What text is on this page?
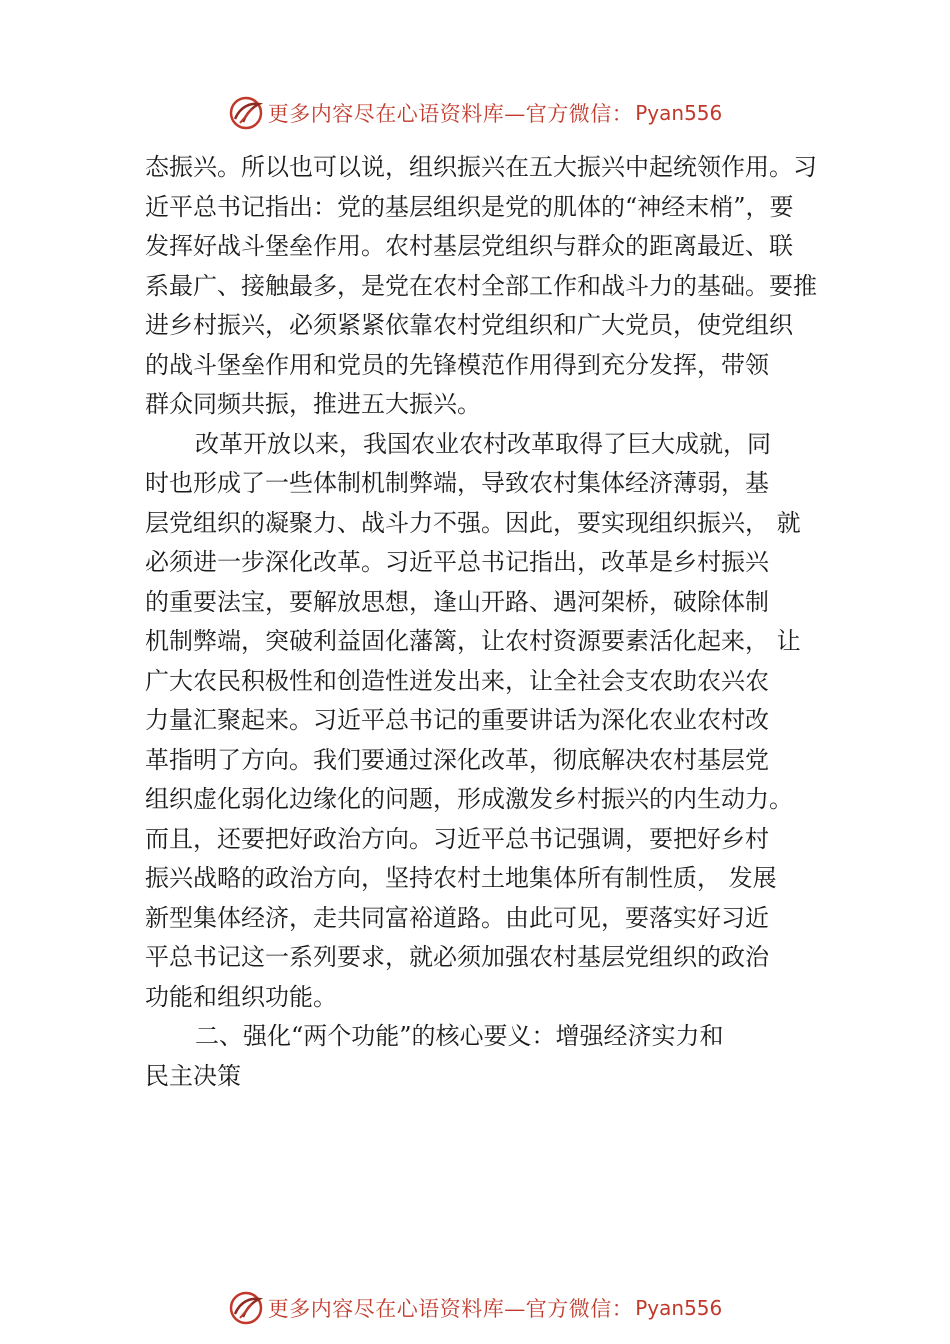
更多内容尽在心语资料库—官方微信： Pyan556
态振兴。所以也可以说，组织振兴在五大振兴中起统领作用。习
近平总书记指出：党的基层组织是党的肌体的“神经末梢”，要
发挥好战斗堡垒作用。农村基层党组织与群众的距离最近、联
系最广、接触最多，是党在农村全部工作和战斗力的基础。要推
进乡村振兴，必须紧紧依靠农村党组织和广大党员，使党组织
的战斗堡垒作用和党员的先锋模范作用得到充分发挥，带领
群众同频共振，推进五大振兴。
改革开放以来，我国农业农村改革取得了巨大成就，同
时也形成了一些体制机制弊端，导致农村集体经济薄弱，基
层党组织的凝聚力、战斗力不强。因此，要实现组织振兴， 就
必须进一步深化改革。习近平总书记指出，改革是乡村振兴
的重要法宝，要解放思想，逢山开路、遇河架桥，破除体制
机制弊端，突破利益固化藩篱，让农村资源要素活化起来， 让
广大农民积极性和创造性迸发出来，让全社会支农助农兴农
力量汇聚起来。习近平总书记的重要讲话为深化农业农村改
革指明了方向。我们要通过深化改革，彻底解决农村基层党
组织虚化弱化边缘化的问题，形成激发乡村振兴的内生动力。
而且，还要把好政治方向。习近平总书记强调，要把好乡村
振兴战略的政治方向，坚持农村土地集体所有制性质， 发展
新型集体经济，走共同富裕道路。由此可见，要落实好习近
平总书记这一系列要求，就必须加强农村基层党组织的政治
功能和组织功能。
二、强化“两个功能”的核心要义：增强经济实力和
民主决策
更多内容尽在心语资料库—官方微信： Pyan556
